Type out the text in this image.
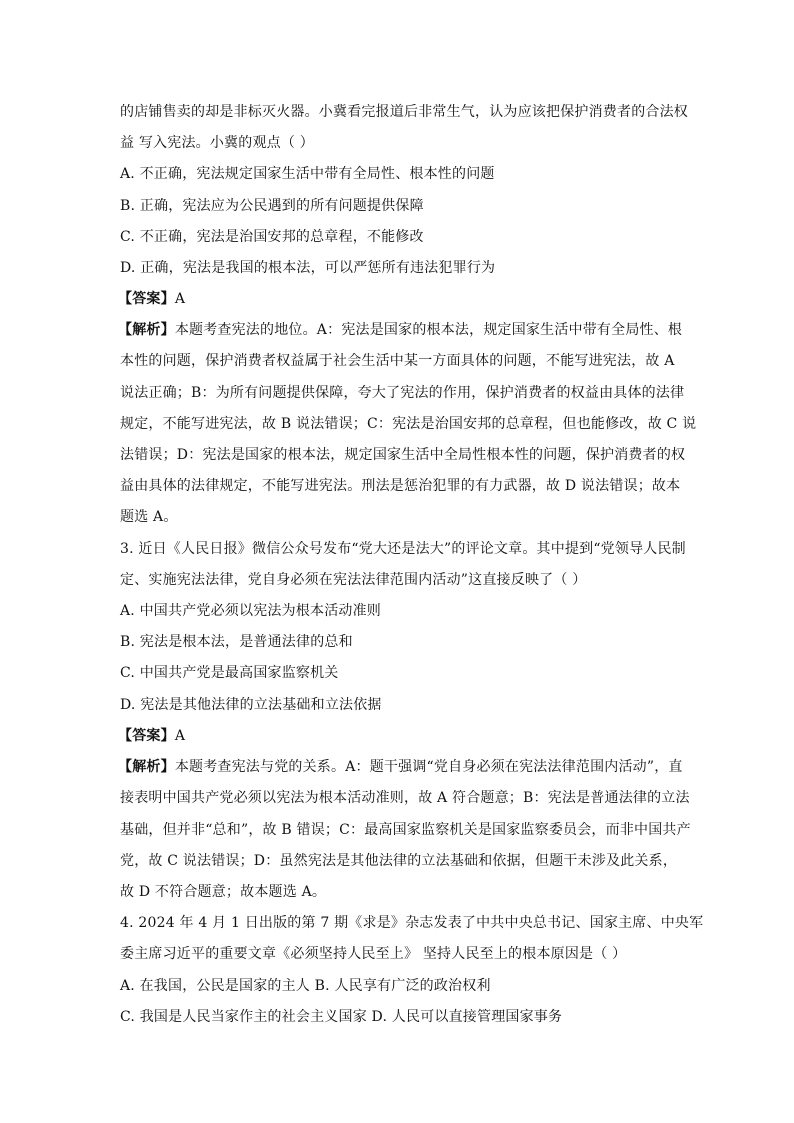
的店铺售卖的却是非标灭火器。小冀看完报道后非常生气，认为应该把保护消费者的合法权
益 写入宪法。小冀的观点（ ）
A. 不正确，宪法规定国家生活中带有全局性、根本性的问题
B. 正确，宪法应为公民遇到的所有问题提供保障
C. 不正确，宪法是治国安邦的总章程，不能修改
D. 正确，宪法是我国的根本法，可以严惩所有违法犯罪行为
【答案】A
【解析】本题考查宪法的地位。A：宪法是国家的根本法，规定国家生活中带有全局性、根
本性的问题，保护消费者权益属于社会生活中某一方面具体的问题，不能写进宪法，故 A
说法正确；B：为所有问题提供保障，夸大了宪法的作用，保护消费者的权益由具体的法律
规定，不能写进宪法，故 B 说法错误；C：宪法是治国安邦的总章程，但也能修改，故 C 说
法错误；D：宪法是国家的根本法，规定国家生活中全局性根本性的问题，保护消费者的权
益由具体的法律规定，不能写进宪法。刑法是惩治犯罪的有力武器，故 D 说法错误；故本
题选 A。
3. 近日《人民日报》微信公众号发布“党大还是法大”的评论文章。其中提到“党领导人民制
定、实施宪法法律，党自身必须在宪法法律范围内活动”这直接反映了（ ）
A. 中国共产党必须以宪法为根本活动准则
B. 宪法是根本法，是普通法律的总和
C. 中国共产党是最高国家监察机关
D. 宪法是其他法律的立法基础和立法依据
【答案】A
【解析】本题考查宪法与党的关系。A：题干强调“党自身必须在宪法法律范围内活动”，直
接表明中国共产党必须以宪法为根本活动准则，故 A 符合题意；B：宪法是普通法律的立法
基础，但并非“总和”，故 B 错误；C：最高国家监察机关是国家监察委员会，而非中国共产
党，故 C 说法错误；D：虽然宪法是其他法律的立法基础和依据，但题干未涉及此关系，
故 D 不符合题意；故本题选 A。
4. 2024 年 4 月 1 日出版的第 7 期《求是》杂志发表了中共中央总书记、国家主席、中央军
委主席习近平的重要文章《必须坚持人民至上》 坚持人民至上的根本原因是（ ）
A. 在我国，公民是国家的主人 B. 人民享有广泛的政治权利
C. 我国是人民当家作主的社会主义国家 D. 人民可以直接管理国家事务
